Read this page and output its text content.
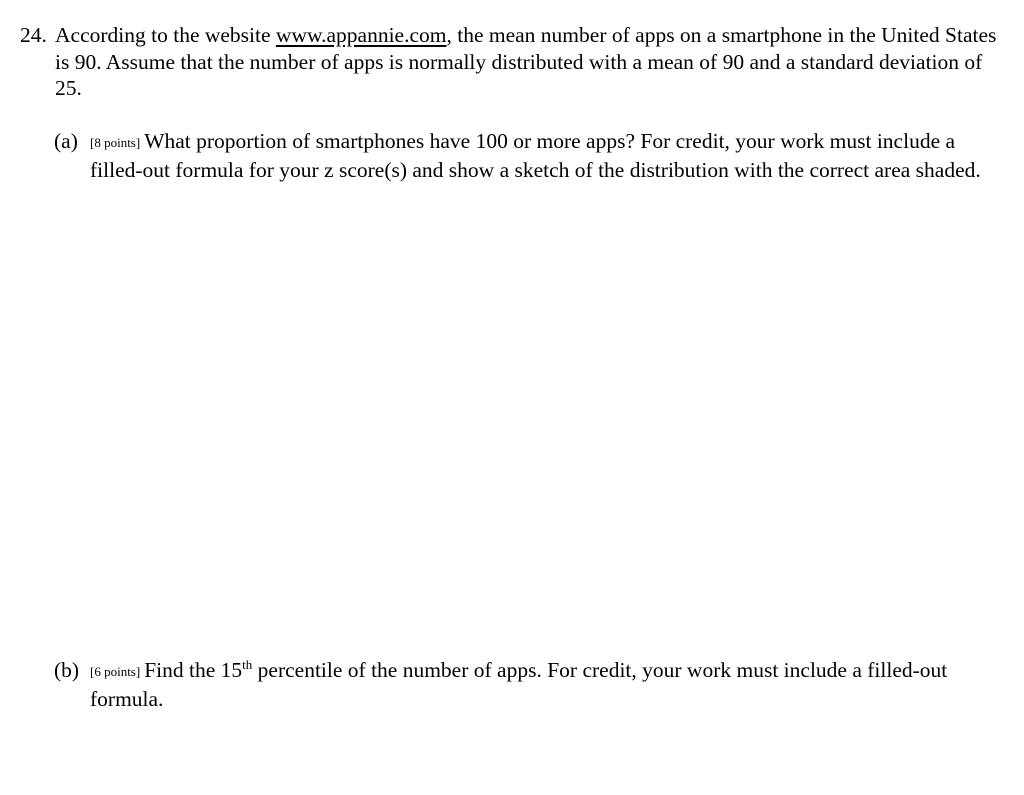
24. According to the website www.appannie.com, the mean number of apps on a smartphone in the United States is 90. Assume that the number of apps is normally distributed with a mean of 90 and a standard deviation of 25.
(a) [8 points] What proportion of smartphones have 100 or more apps? For credit, your work must include a filled-out formula for your z score(s) and show a sketch of the distribution with the correct area shaded.
(b) [6 points] Find the 15th percentile of the number of apps. For credit, your work must include a filled-out formula.
